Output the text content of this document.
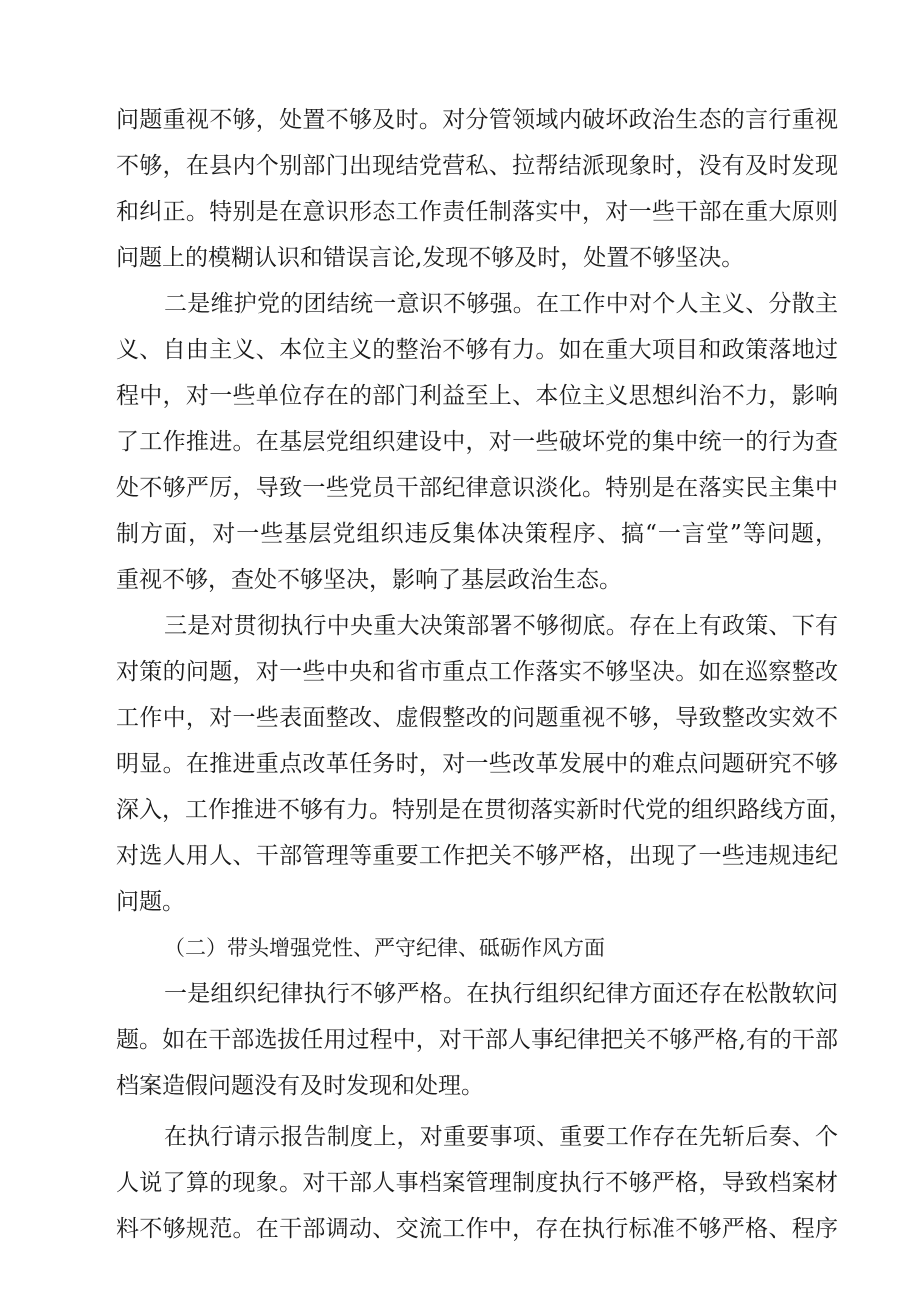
问题重视不够，处置不够及时。对分管领域内破坏政治生态的言行重视
不够，在县内个别部门出现结党营私、拉帮结派现象时，没有及时发现
和纠正。特别是在意识形态工作责任制落实中，对一些干部在重大原则
问题上的模糊认识和错误言论,发现不够及时，处置不够坚决。
二是维护党的团结统一意识不够强。在工作中对个人主义、分散主
义、自由主义、本位主义的整治不够有力。如在重大项目和政策落地过
程中，对一些单位存在的部门利益至上、本位主义思想纠治不力，影响
了工作推进。在基层党组织建设中，对一些破坏党的集中统一的行为查
处不够严厉，导致一些党员干部纪律意识淡化。特别是在落实民主集中
制方面，对一些基层党组织违反集体决策程序、搞“一言堂”等问题，
重视不够，查处不够坚决，影响了基层政治生态。
三是对贯彻执行中央重大决策部署不够彻底。存在上有政策、下有
对策的问题，对一些中央和省市重点工作落实不够坚决。如在巡察整改
工作中，对一些表面整改、虚假整改的问题重视不够，导致整改实效不
明显。在推进重点改革任务时，对一些改革发展中的难点问题研究不够
深入，工作推进不够有力。特别是在贯彻落实新时代党的组织路线方面，
对选人用人、干部管理等重要工作把关不够严格，出现了一些违规违纪
问题。
（二）带头增强党性、严守纪律、砥砺作风方面
一是组织纪律执行不够严格。在执行组织纪律方面还存在松散软问
题。如在干部选拔任用过程中，对干部人事纪律把关不够严格,有的干部
档案造假问题没有及时发现和处理。
在执行请示报告制度上，对重要事项、重要工作存在先斩后奏、个
人说了算的现象。对干部人事档案管理制度执行不够严格，导致档案材
料不够规范。在干部调动、交流工作中，存在执行标准不够严格、程序
